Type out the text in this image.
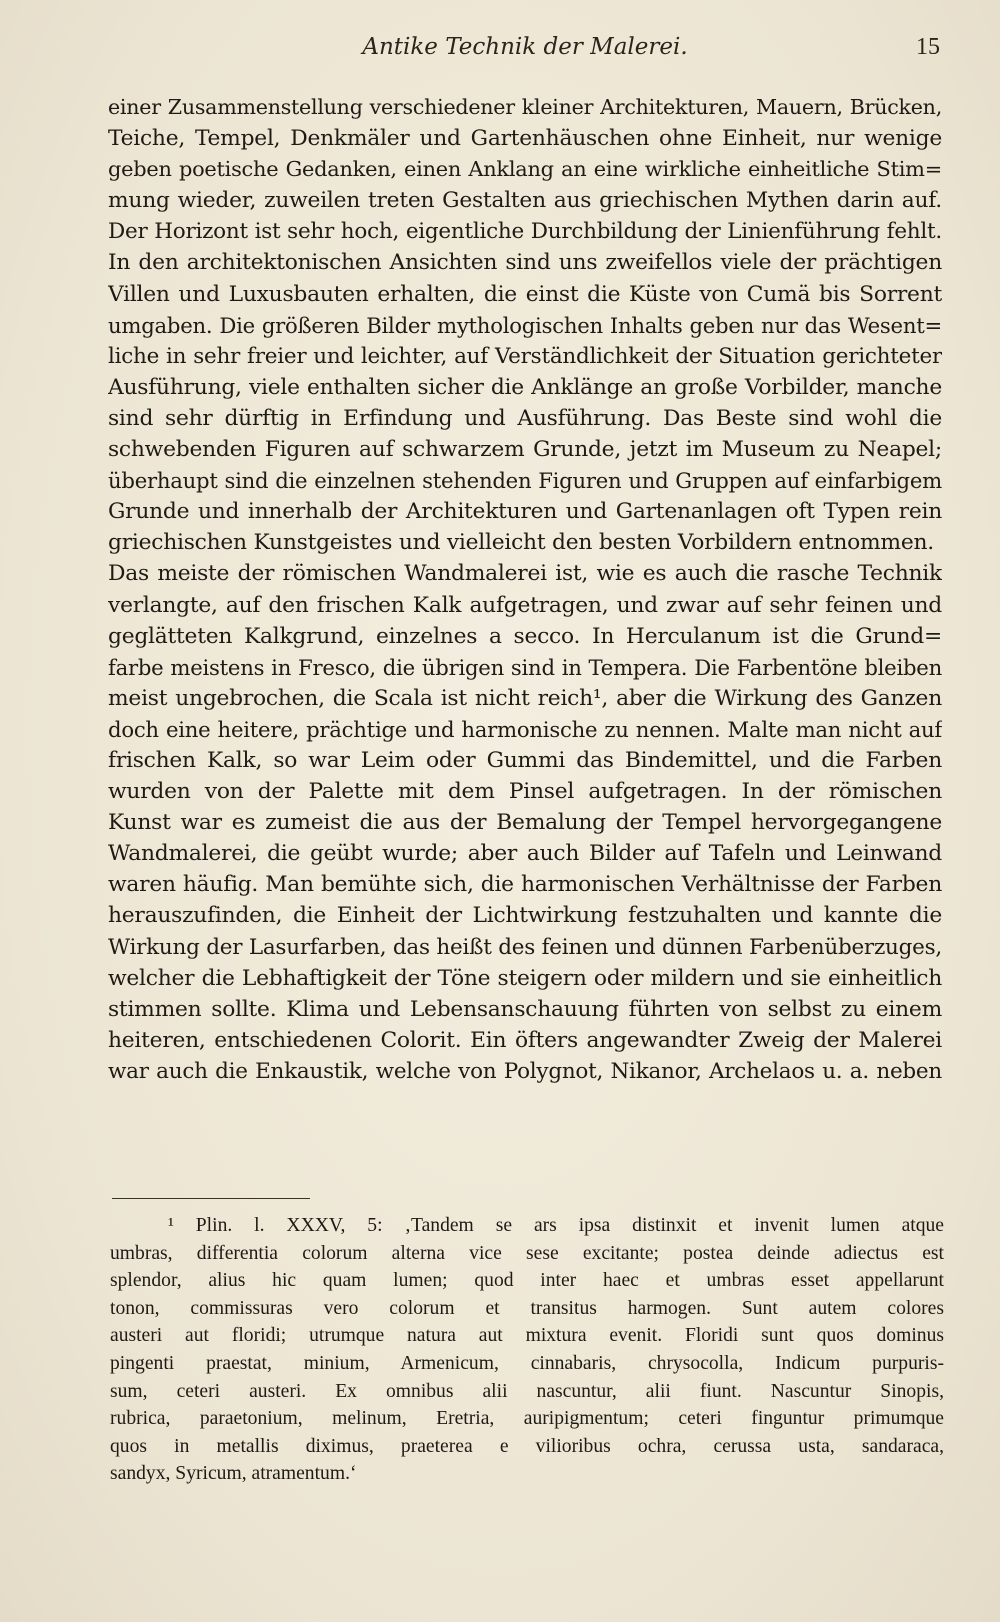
Antike Technik der Malerei.	15
einer Zusammenstellung verschiedener kleiner Architekturen, Mauern, Brücken,
Teiche, Tempel, Denkmäler und Gartenhäuschen ohne Einheit, nur wenige
geben poetische Gedanken, einen Anklang an eine wirkliche einheitliche Stim=
mung wieder, zuweilen treten Gestalten aus griechischen Mythen darin auf.
Der Horizont ist sehr hoch, eigentliche Durchbildung der Linienführung fehlt.
In den architektonischen Ansichten sind uns zweifellos viele der prächtigen
Villen und Luxusbauten erhalten, die einst die Küste von Cumä bis Sorrent
umgaben. Die größeren Bilder mythologischen Inhalts geben nur das Wesent=
liche in sehr freier und leichter, auf Verständlichkeit der Situation gerichteter
Ausführung, viele enthalten sicher die Anklänge an große Vorbilder, manche
sind sehr dürftig in Erfindung und Ausführung. Das Beste sind wohl die
schwebenden Figuren auf schwarzem Grunde, jetzt im Museum zu Neapel;
überhaupt sind die einzelnen stehenden Figuren und Gruppen auf einfarbigem
Grunde und innerhalb der Architekturen und Gartenanlagen oft Typen rein
griechischen Kunstgeistes und vielleicht den besten Vorbildern entnommen.
Das meiste der römischen Wandmalerei ist, wie es auch die rasche Technik
verlangte, auf den frischen Kalk aufgetragen, und zwar auf sehr feinen und
geglätteten Kalkgrund, einzelnes a secco. In Herculanum ist die Grund=
farbe meistens in Fresco, die übrigen sind in Tempera. Die Farbentöne bleiben
meist ungebrochen, die Scala ist nicht reich¹, aber die Wirkung des Ganzen
doch eine heitere, prächtige und harmonische zu nennen. Malte man nicht auf
frischen Kalk, so war Leim oder Gummi das Bindemittel, und die Farben
wurden von der Palette mit dem Pinsel aufgetragen. In der römischen
Kunst war es zumeist die aus der Bemalung der Tempel hervorgegangene
Wandmalerei, die geübt wurde; aber auch Bilder auf Tafeln und Leinwand
waren häufig. Man bemühte sich, die harmonischen Verhältnisse der Farben
herauszufinden, die Einheit der Lichtwirkung festzuhalten und kannte die
Wirkung der Lasurfarben, das heißt des feinen und dünnen Farbenüberzuges,
welcher die Lebhaftigkeit der Töne steigern oder mildern und sie einheitlich
stimmen sollte. Klima und Lebensanschauung führten von selbst zu einem
heiteren, entschiedenen Colorit. Ein öfters angewandter Zweig der Malerei
war auch die Enkaustik, welche von Polygnot, Nikanor, Archelaos u. a. neben
¹ Plin. l. XXXV, 5: ‚Tandem se ars ipsa distinxit et invenit lumen atque
umbras, differentia colorum alterna vice sese excitante; postea deinde adiectus est
splendor, alius hic quam lumen; quod inter haec et umbras esset appellarunt
tonon, commissuras vero colorum et transitus harmogen. Sunt autem colores
austeri aut floridi; utrumque natura aut mixtura evenit. Floridi sunt quos dominus
pingenti praestat, minium, Armenicum, cinnabaris, chrysocolla, Indicum purpuris-
sum, ceteri austeri. Ex omnibus alii nascuntur, alii fiunt. Nascuntur Sinopis,
rubrica, paraetonium, melinum, Eretria, auripigmentum; ceteri finguntur primumque
quos in metallis diximus, praeterea e vilioribus ochra, cerussa usta, sandaraca,
sandyx, Syricum, atramentum.‘
